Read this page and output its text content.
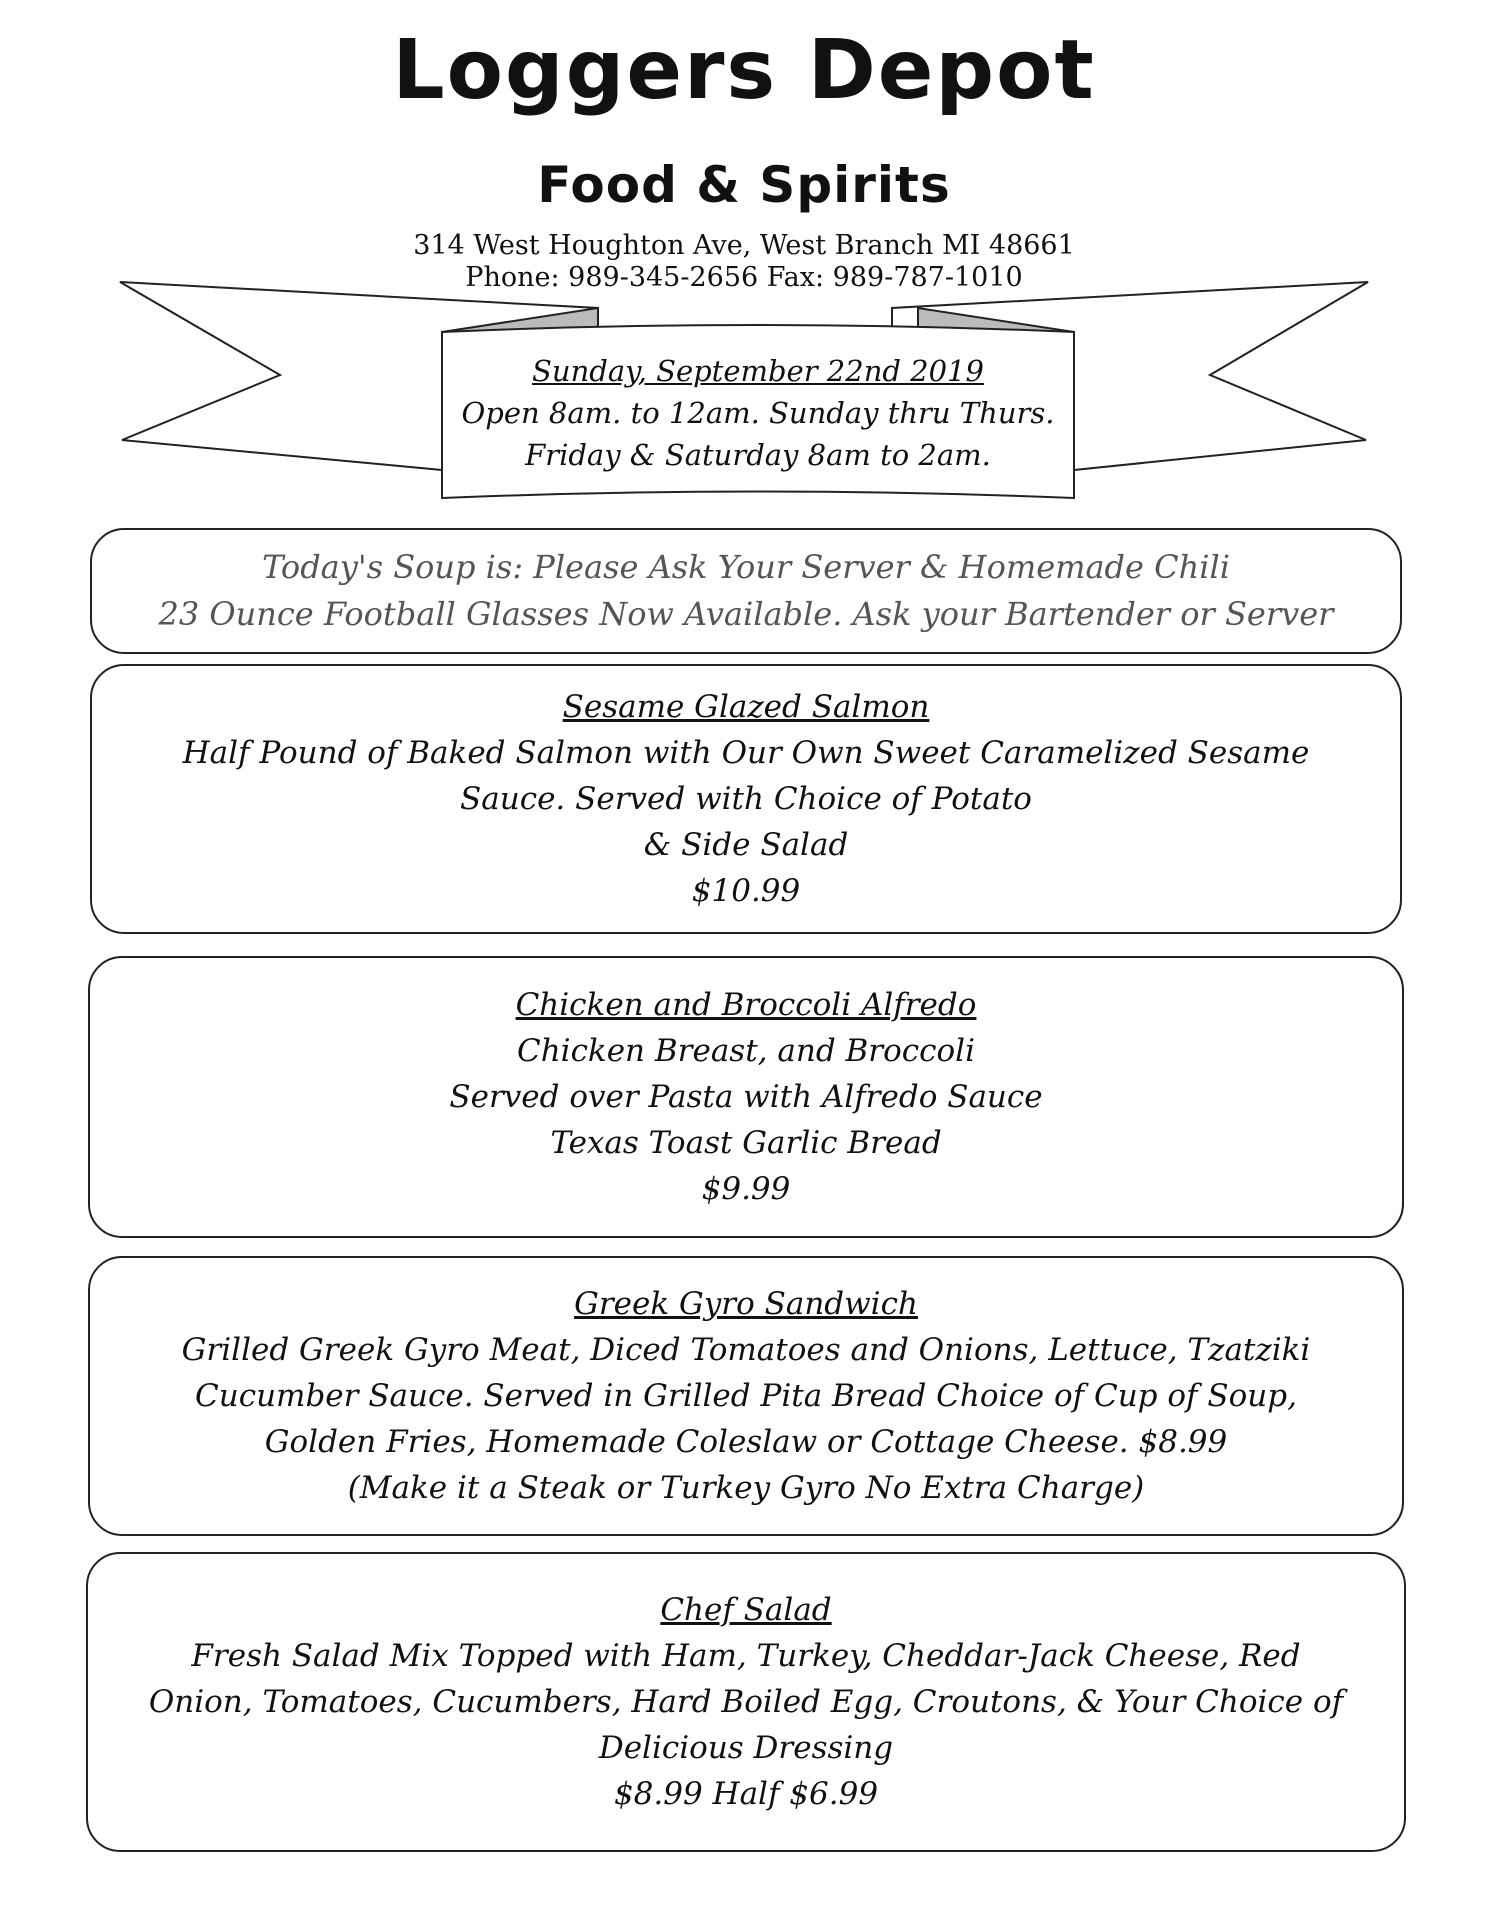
Loggers Depot
Food & Spirits
314 West Houghton Ave, West Branch MI 48661
Phone: 989-345-2656 Fax: 989-787-1010
Sunday, September 22nd 2019
Open 8am. to 12am. Sunday thru Thurs.
Friday & Saturday 8am to 2am.
Today's Soup is: Please Ask Your Server & Homemade Chili
23 Ounce Football Glasses Now Available. Ask your Bartender or Server
Sesame Glazed Salmon
Half Pound of Baked Salmon with Our Own Sweet Caramelized Sesame
Sauce. Served with Choice of Potato
& Side Salad
$10.99
Chicken and Broccoli Alfredo
Chicken Breast, and Broccoli
Served over Pasta with Alfredo Sauce
Texas Toast Garlic Bread
$9.99
Greek Gyro Sandwich
Grilled Greek Gyro Meat, Diced Tomatoes and Onions, Lettuce, Tzatziki
Cucumber Sauce. Served in Grilled Pita Bread Choice of Cup of Soup,
Golden Fries, Homemade Coleslaw or Cottage Cheese. $8.99
(Make it a Steak or Turkey Gyro No Extra Charge)
Chef Salad
Fresh Salad Mix Topped with Ham, Turkey, Cheddar-Jack Cheese, Red
Onion, Tomatoes, Cucumbers, Hard Boiled Egg, Croutons, & Your Choice of
Delicious Dressing
$8.99 Half $6.99
